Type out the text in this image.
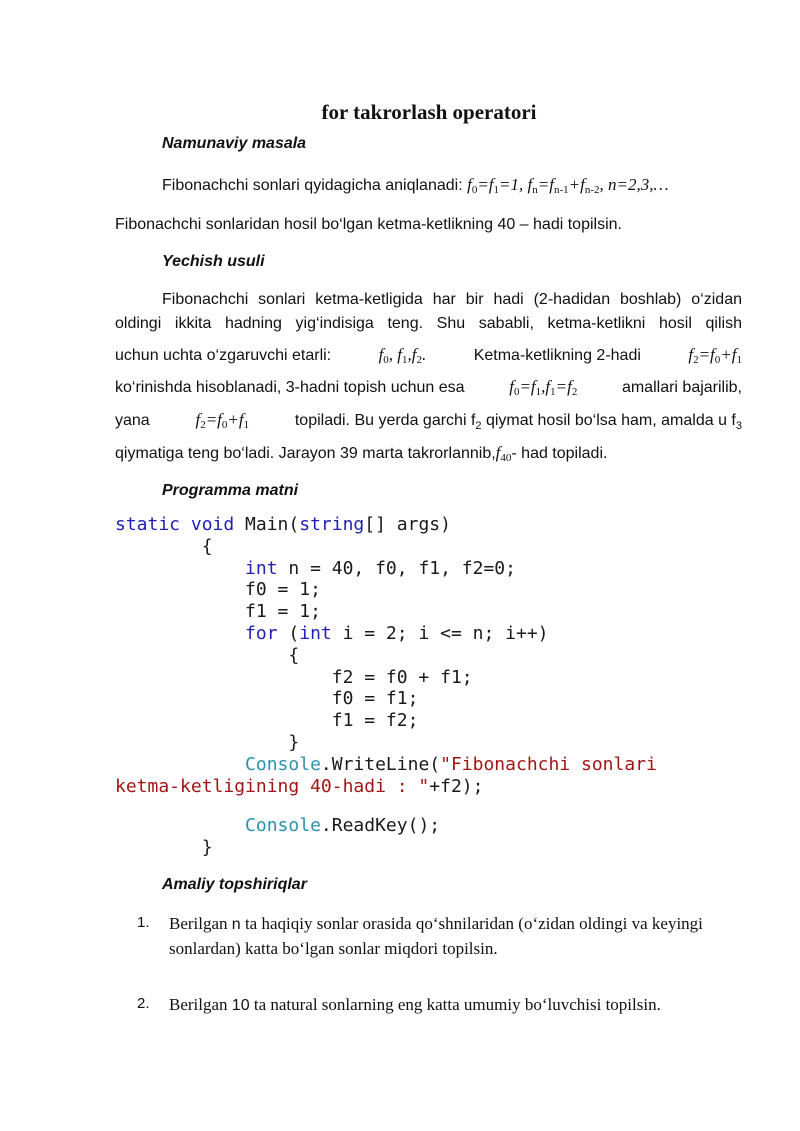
for takrorlash operatori
Namunaviy masala
Fibonachchi sonlari qyidagicha aniqlanadi: $f_0=f_1=1$, $f_n=f_{n-1}+f_{n-2}$, n=2,3,…
Fibonachchi sonlaridan hosil bo‘lgan ketma-ketlikning 40 – hadi topilsin.
Yechish usuli
Fibonachchi sonlari ketma-ketligida har bir hadi (2-hadidan boshlab) o‘zidan
oldingi ikkita hadning yig‘indisiga teng. Shu sababli, ketma-ketlikni hosil qilish
uchun uchta o‘zgaruvchi etarli:	$f_0$, $f_1,f_2$.	Ketma-ketlikning 2-hadi	$f_2=f_0+f_1$
ko‘rinishda hisoblanadi, 3-hadni topish uchun esa	$f_0=f_1,f_1=f_2$	amallari bajarilib,
yana	$f_2=f_0+f_1$	topiladi. Bu yerda garchi $f_2$ qiymat hosil bo‘lsa ham, amalda u $f_3$
qiymatiga teng bo‘ladi. Jarayon 39 marta $takrorlannib,f_{40}-$ had topiladi.
Programma matni
static void Main(string[] args)
{
int n = 40, f0, f1, f2=0;
f0 = 1;
f1 = 1;
for (int i = 2; i <= n; i++)
{
f2 = f0 + f1;
f0 = f1;
f1 = f2;
}
Console.WriteLine("Fibonachchi sonlari
ketma-ketligining 40-hadi : "+f2);

Console.ReadKey();
}
Amaliy topshiriqlar
1. Berilgan n ta haqiqiy sonlar orasida qo‘shnilaridan (o‘zidan oldingi va keyingi
sonlardan) katta bo‘lgan sonlar miqdori topilsin.
2. Berilgan 10 ta natural sonlarning eng katta umumiy bo‘luvchisi topilsin.
